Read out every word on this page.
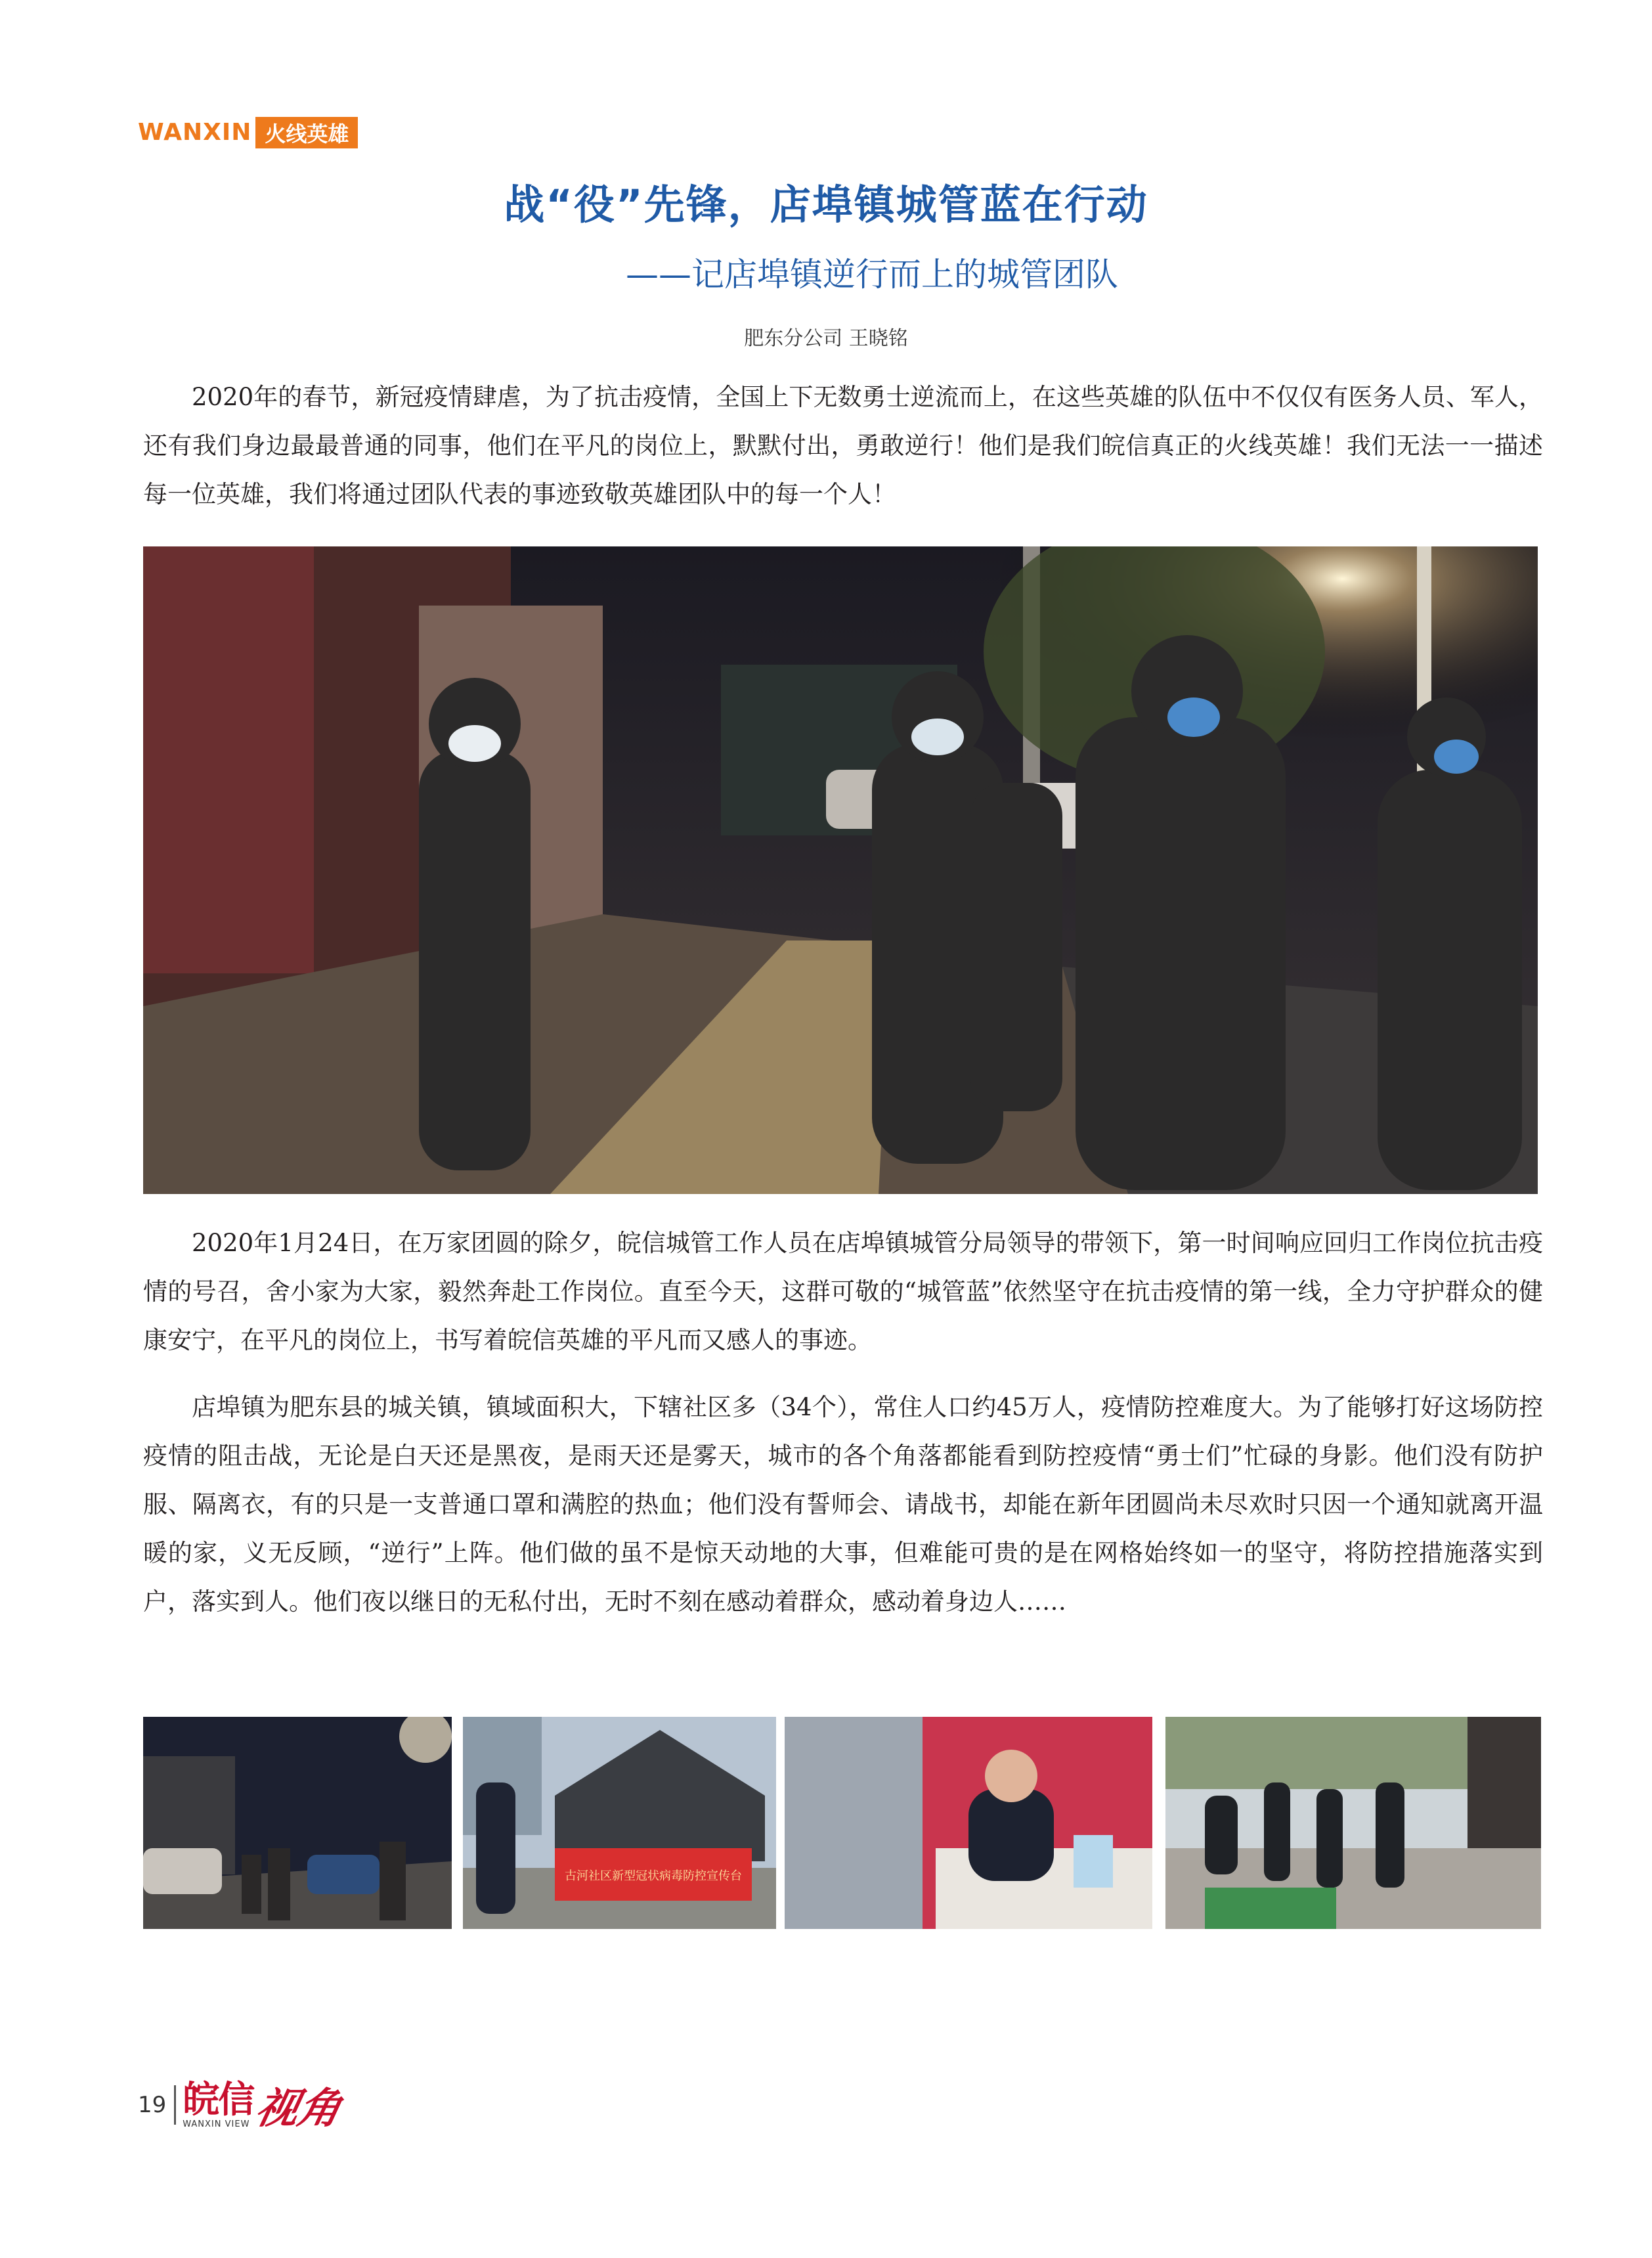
WANXIN 火线英雄
战“役”先锋，店埠镇城管蓝在行动
——记店埠镇逆行而上的城管团队
肥东分公司 王晓铭

2020年的春节，新冠疫情肆虐，为了抗击疫情，全国上下无数勇士逆流而上，在这些英雄的队伍中不仅仅有医务人员、军人，还有我们身边最最普通的同事，他们在平凡的岗位上，默默付出，勇敢逆行！他们是我们皖信真正的火线英雄！我们无法一一描述每一位英雄，我们将通过团队代表的事迹致敬英雄团队中的每一个人！

2020年1月24日，在万家团圆的除夕，皖信城管工作人员在店埠镇城管分局领导的带领下，第一时间响应回归工作岗位抗击疫情的号召，舍小家为大家，毅然奔赴工作岗位。直至今天，这群可敬的“城管蓝”依然坚守在抗击疫情的第一线，全力守护群众的健康安宁，在平凡的岗位上，书写着皖信英雄的平凡而又感人的事迹。

店埠镇为肥东县的城关镇，镇域面积大，下辖社区多（34个），常住人口约45万人，疫情防控难度大。为了能够打好这场防控疫情的阻击战，无论是白天还是黑夜，是雨天还是雾天，城市的各个角落都能看到防控疫情“勇士们”忙碌的身影。他们没有防护服、隔离衣，有的只是一支普通口罩和满腔的热血；他们没有誓师会、请战书，却能在新年团圆尚未尽欢时只因一个通知就离开温暖的家，义无反顾，“逆行”上阵。他们做的虽不是惊天动地的大事，但难能可贵的是在网格始终如一的坚守，将防控措施落实到户，落实到人。他们夜以继日的无私付出，无时不刻在感动着群众，感动着身边人……

古河社区新型冠状病毒防控宣传台
19 皖信
WANXIN VIEW 视角
